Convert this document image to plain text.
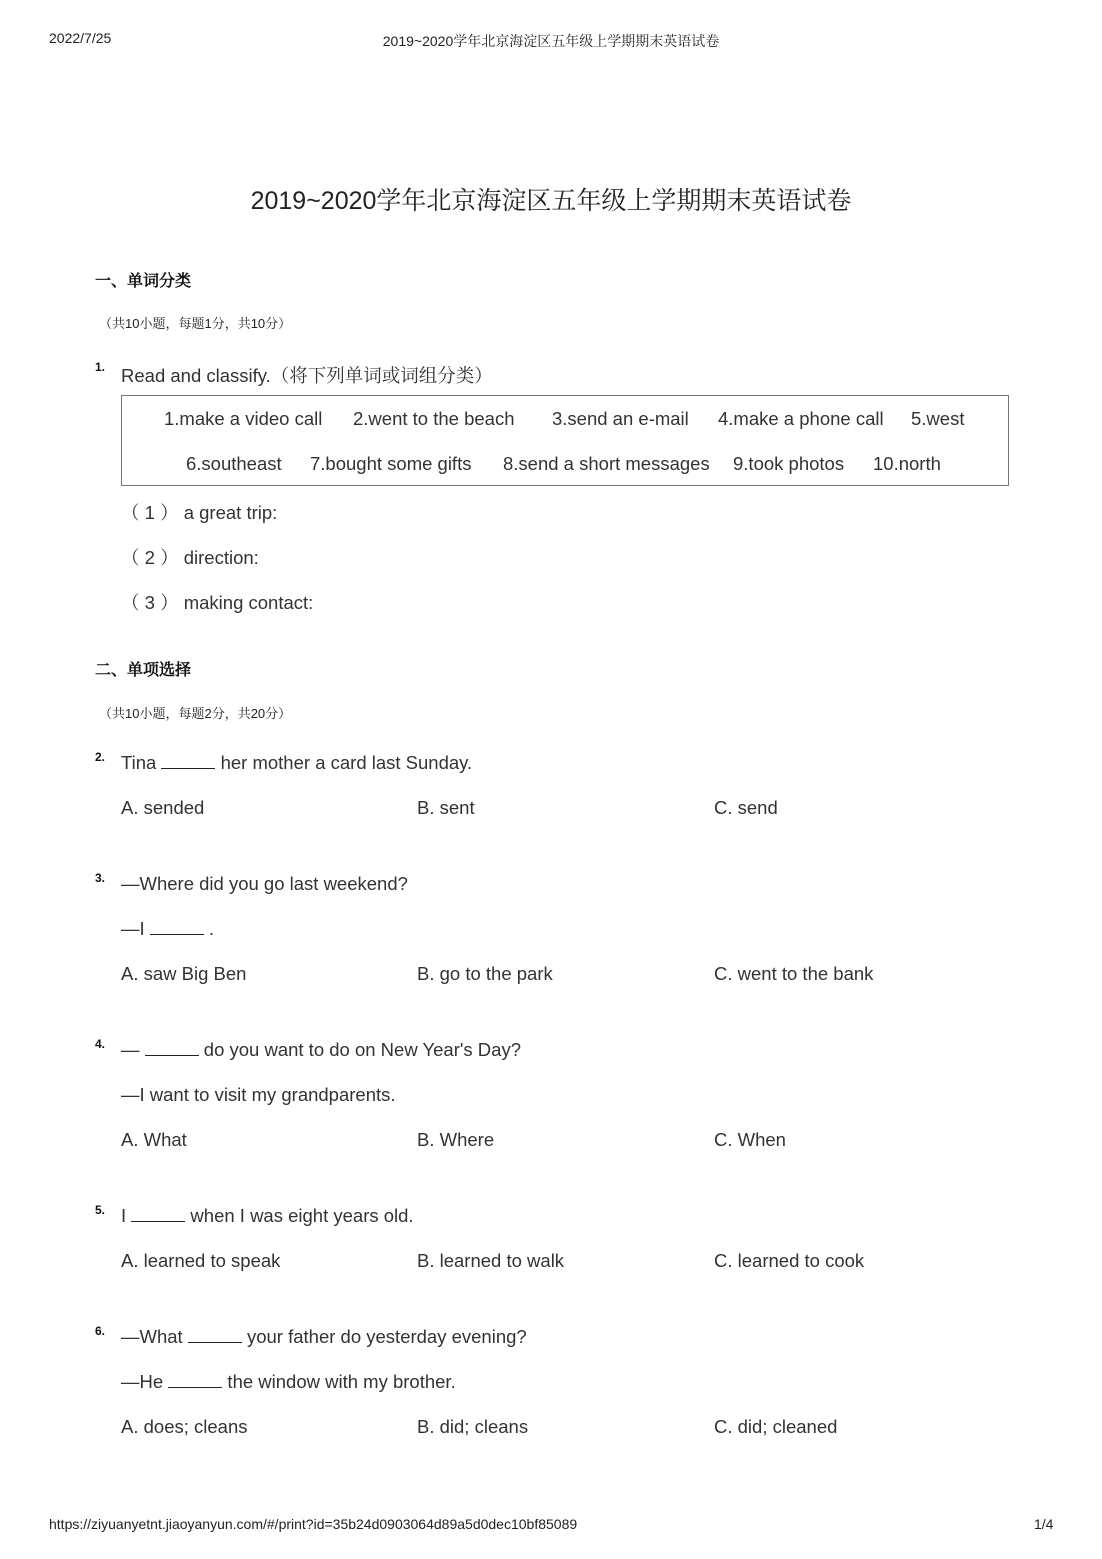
2022/7/25	2019~2020学年北京海淀区五年级上学期期末英语试卷
2019~2020学年北京海淀区五年级上学期期末英语试卷
一、单词分类
（共10小题，每题1分，共10分）
1. Read and classify.（将下列单词或词组分类）
1.make a video call 2.went to the beach 3.send an e-mail 4.make a phone call 5.west
6.southeast 7.bought some gifts 8.send a short messages 9.took photos 10.north
（ 1 ） a great trip:
（ 2 ） direction:
（ 3 ） making contact:
二、单项选择
（共10小题，每题2分，共20分）
2. Tina	her mother a card last Sunday.
A. sended	B. sent	C. send
3. —Where did you go last weekend?
—I	.
A. saw Big Ben	B. go to the park	C. went to the bank
4. —	do you want to do on New Year's Day?
—I want to visit my grandparents.
A. What	B. Where	C. When
5. I	when I was eight years old.
A. learned to speak	B. learned to walk	C. learned to cook
6. —What	your father do yesterday evening?
—He	the window with my brother.
A. does; cleans	B. did; cleans	C. did; cleaned
https://ziyuanyetnt.jiaoyanyun.com/#/print?id=35b24d0903064d89a5d0dec10bf85089	1/4
